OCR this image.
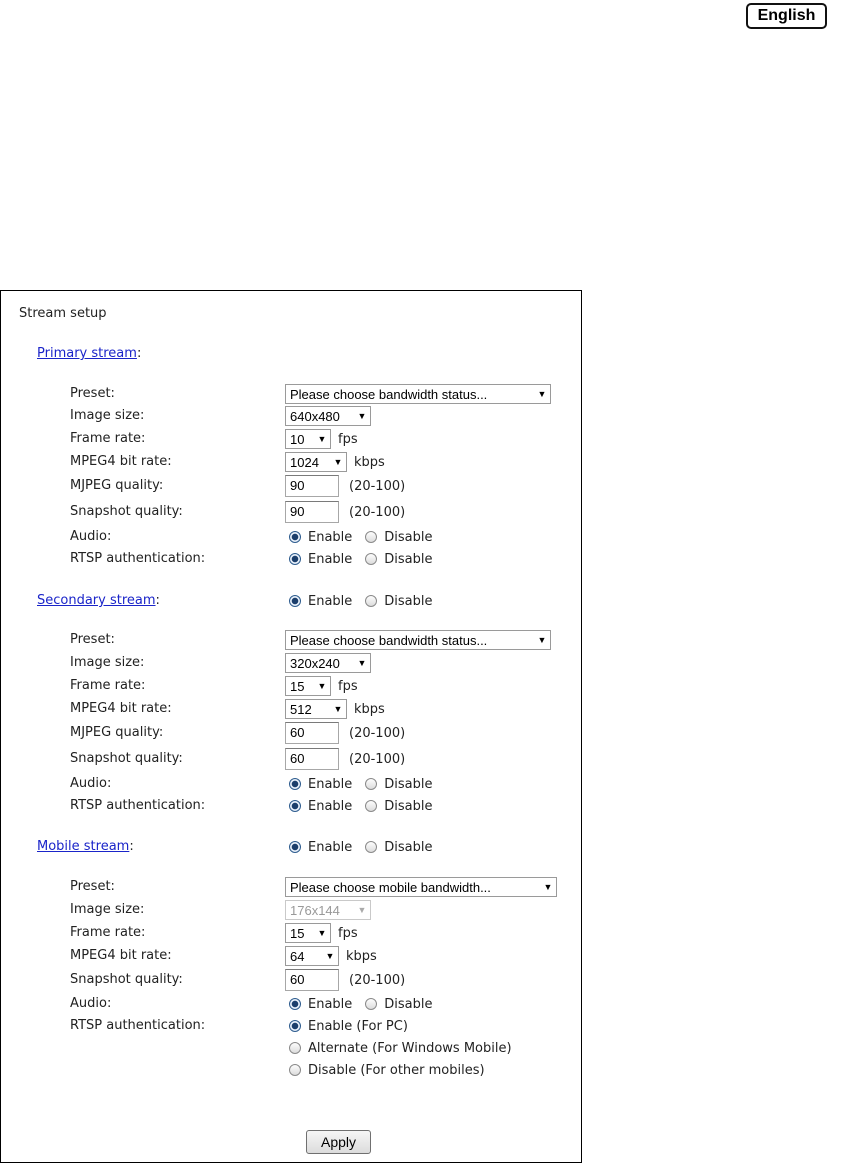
English
Stream setup
Primary stream:
Preset:	Please choose bandwidth status...	▼
Image size:	640x480	▼
Frame rate:	10	▼ fps
MPEG4 bit rate:	1024	▼ kbps
MJPEG quality:	90	(20-100)
Snapshot quality:	90	(20-100)
Audio:	Enable Disable
RTSP authentication:	Enable Disable
Secondary stream:	Enable Disable
Preset:	Please choose bandwidth status...	▼
Image size:	320x240	▼
Frame rate:	15	▼ fps
MPEG4 bit rate:	512	▼ kbps
MJPEG quality:	60	(20-100)
Snapshot quality:	60	(20-100)
Audio:	Enable Disable
RTSP authentication:	Enable Disable
Mobile stream:	Enable Disable
Preset:	Please choose mobile bandwidth...	▼
Image size:	176x144	▼
Frame rate:	15	▼ fps
MPEG4 bit rate:	64	▼ kbps
Snapshot quality:	60	(20-100)
Audio:	Enable Disable
RTSP authentication:	Enable (For PC)
Alternate (For Windows Mobile)
Disable (For other mobiles)
Apply
